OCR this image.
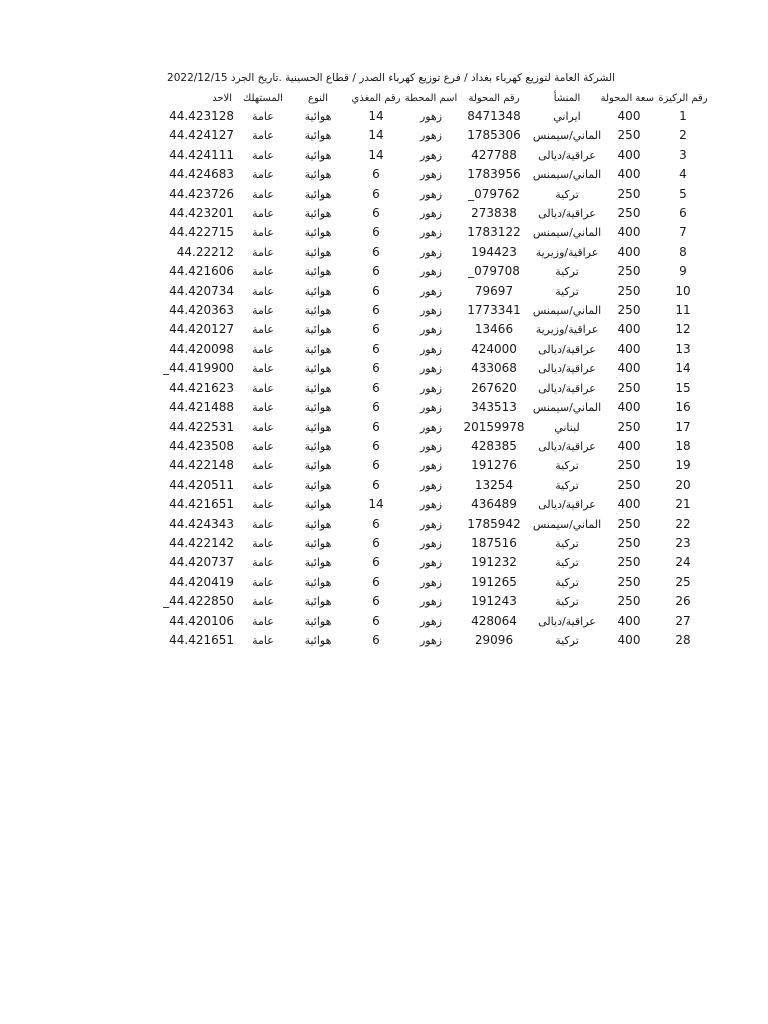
الشركة العامة لتوزيع كهرباء بغداد / فرع توزيع كهرباء الصدر / قطاع الحسينية .تاريخ الجرد 2022/12/15
رقم الركيزة	سعة المحولة	المنشأ	رقم المحولة	اسم المحطة	رقم المغذي	النوع	المستهلك	الاحد
1	400	ايراني	8471348	زهور	14	هوائية	عامة	44.423128
2	250	الماني/سيمنس	1785306	زهور	14	هوائية	عامة	44.424127
3	400	عراقية/ديالى	427788	زهور	14	هوائية	عامة	44.424111
4	400	الماني/سيمنس	1783956	زهور	6	هوائية	عامة	44.424683
5	250	تركية	079762_	زهور	6	هوائية	عامة	44.423726
6	250	عراقية/ديالى	273838	زهور	6	هوائية	عامة	44.423201
7	400	الماني/سيمنس	1783122	زهور	6	هوائية	عامة	44.422715
8	400	عراقية/وزيرية	194423	زهور	6	هوائية	عامة	44.22212
9	250	تركية	079708_	زهور	6	هوائية	عامة	44.421606
10	250	تركية	79697	زهور	6	هوائية	عامة	44.420734
11	250	الماني/سيمنس	1773341	زهور	6	هوائية	عامة	44.420363
12	400	عراقية/وزيرية	13466	زهور	6	هوائية	عامة	44.420127
13	400	عراقية/ديالى	424000	زهور	6	هوائية	عامة	44.420098
14	400	عراقية/ديالى	433068	زهور	6	هوائية	عامة	44.419900_
15	250	عراقية/ديالى	267620	زهور	6	هوائية	عامة	44.421623
16	400	الماني/سيمنس	343513	زهور	6	هوائية	عامة	44.421488
17	250	لبناني	20159978	زهور	6	هوائية	عامة	44.422531
18	400	عراقية/ديالى	428385	زهور	6	هوائية	عامة	44.423508
19	250	تركية	191276	زهور	6	هوائية	عامة	44.422148
20	250	تركية	13254	زهور	6	هوائية	عامة	44.420511
21	400	عراقية/ديالى	436489	زهور	14	هوائية	عامة	44.421651
22	250	الماني/سيمنس	1785942	زهور	6	هوائية	عامة	44.424343
23	250	تركية	187516	زهور	6	هوائية	عامة	44.422142
24	250	تركية	191232	زهور	6	هوائية	عامة	44.420737
25	250	تركية	191265	زهور	6	هوائية	عامة	44.420419
26	250	تركية	191243	زهور	6	هوائية	عامة	44.422850_
27	400	عراقية/ديالى	428064	زهور	6	هوائية	عامة	44.420106
28	400	تركية	29096	زهور	6	هوائية	عامة	44.421651
